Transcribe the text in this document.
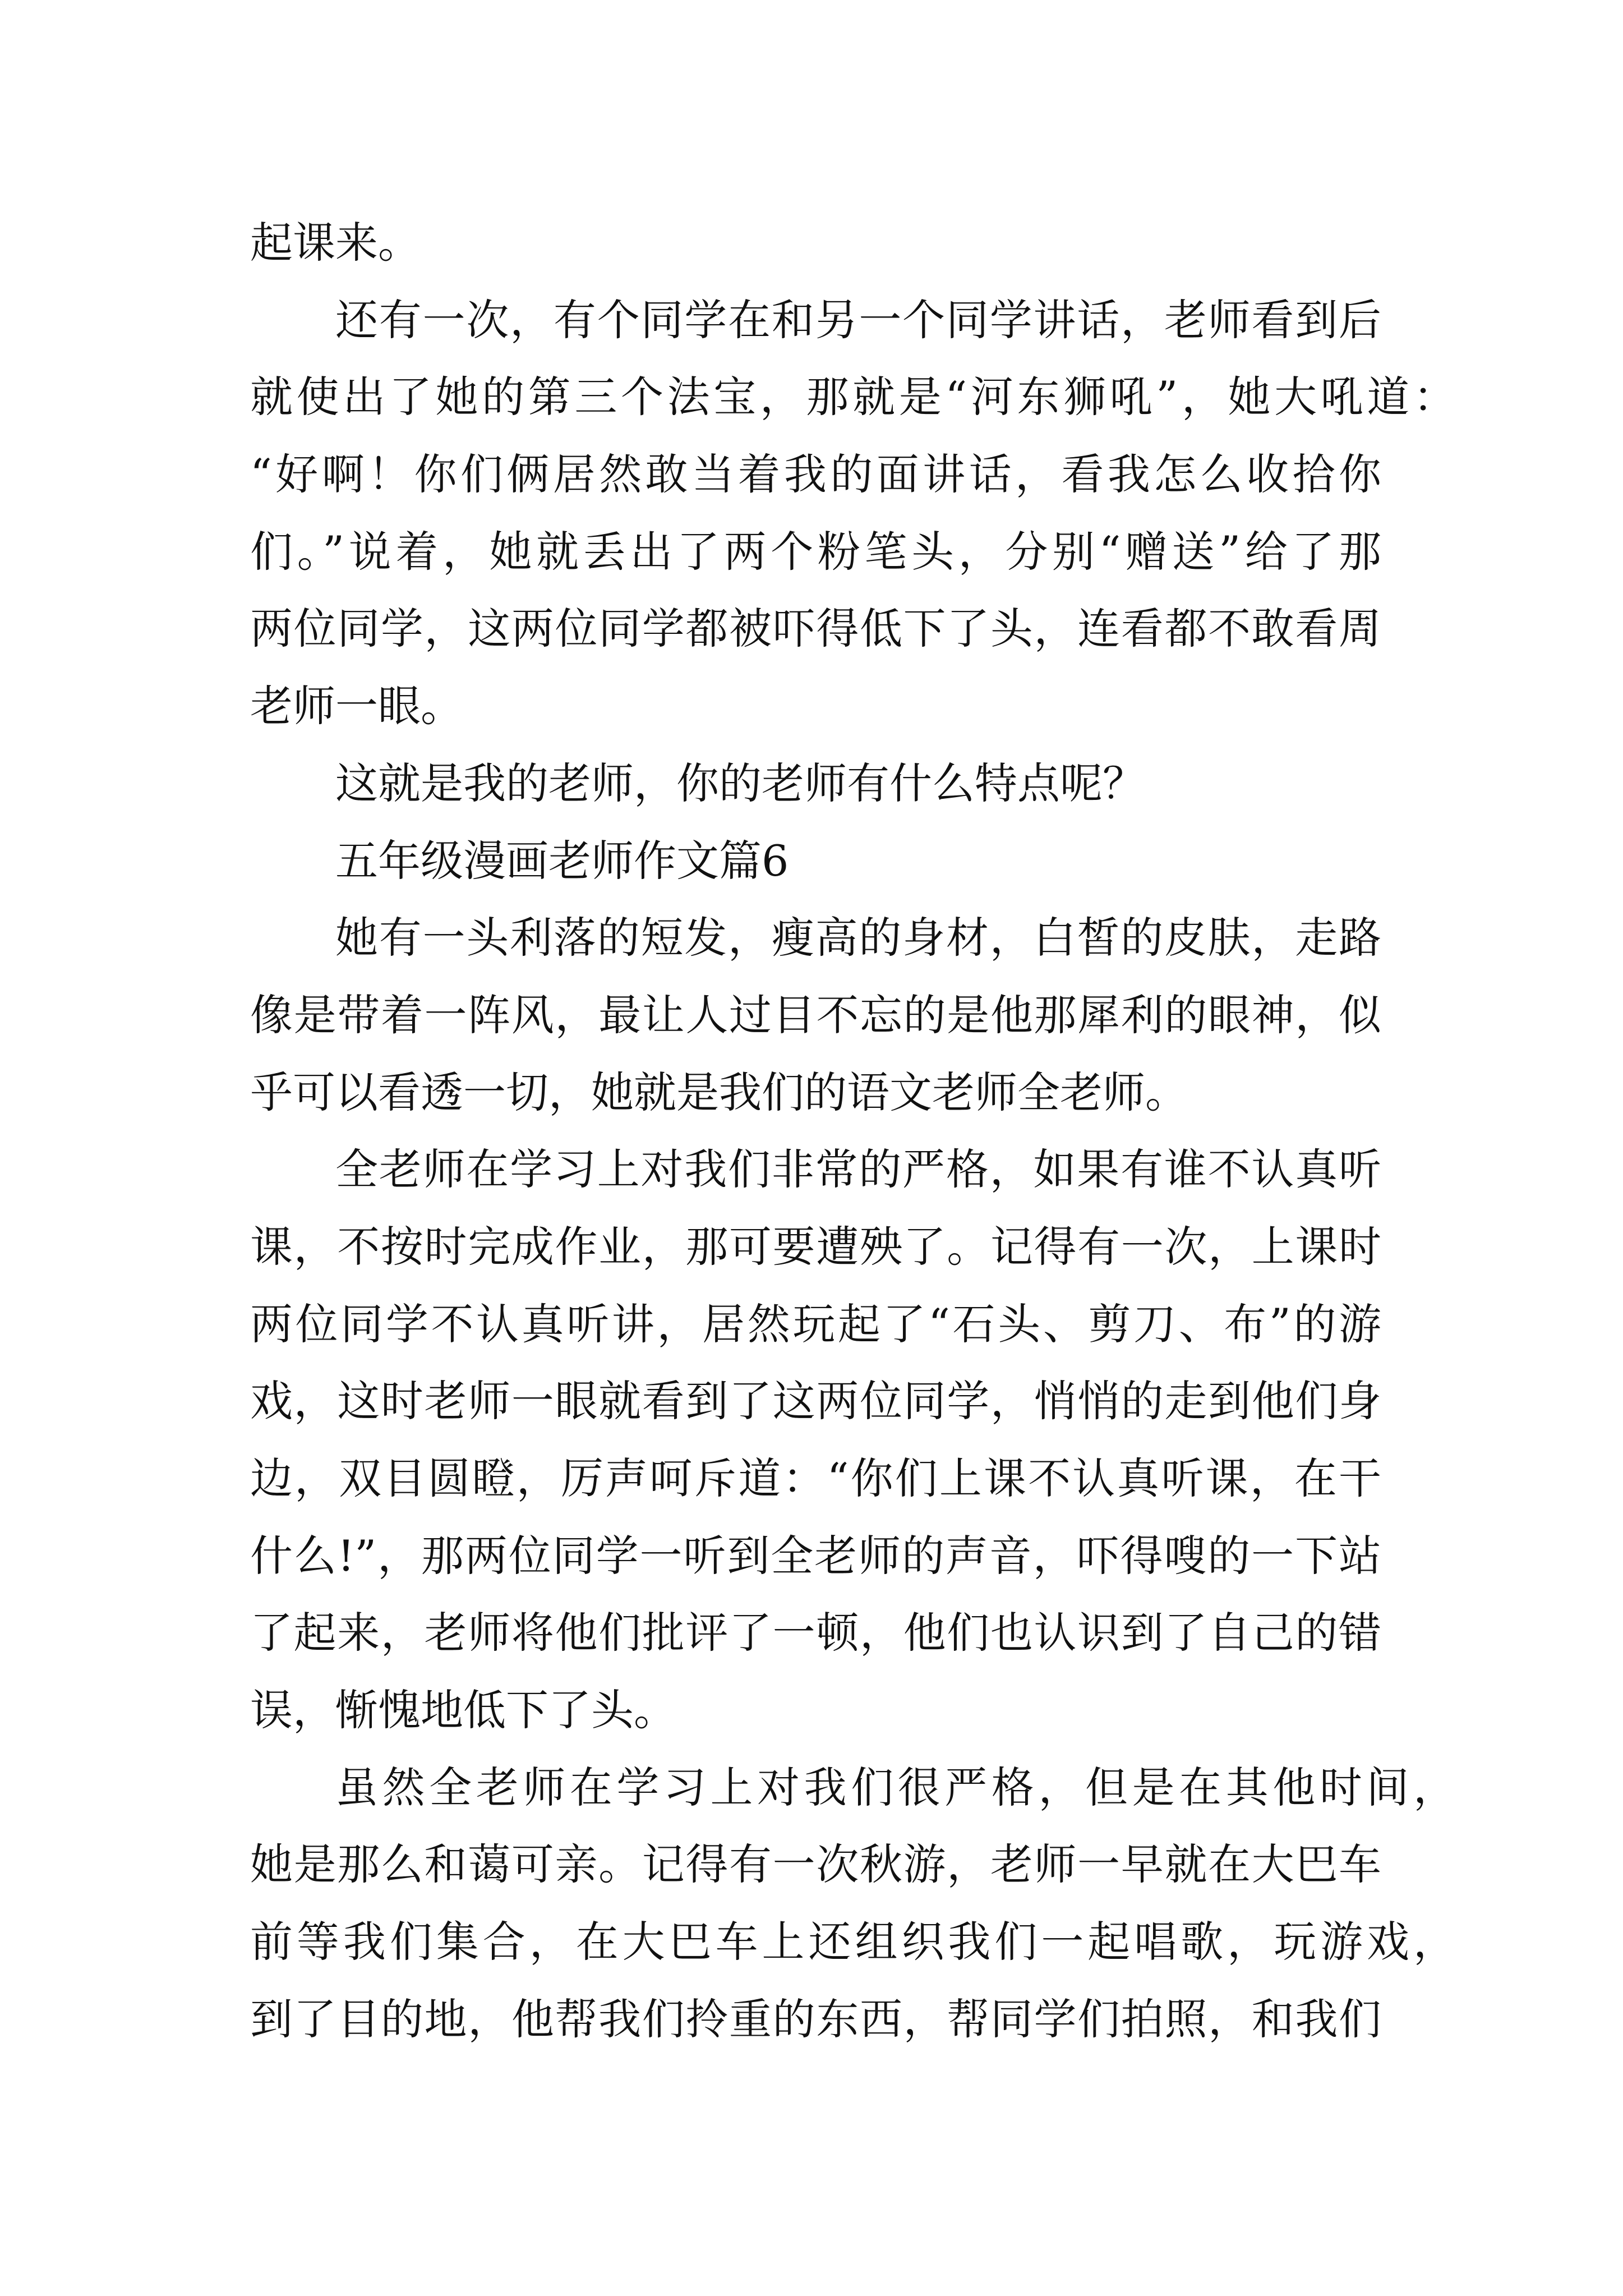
起课来。
还有一次，有个同学在和另一个同学讲话，老师看到后
就使出了她的第三个法宝，那就是“河东狮吼”，她大吼道：
“好啊！你们俩居然敢当着我的面讲话，看我怎么收拾你
们。”说着，她就丢出了两个粉笔头，分别“赠送”给了那
两位同学，这两位同学都被吓得低下了头，连看都不敢看周
老师一眼。
这就是我的老师，你的老师有什么特点呢？
五年级漫画老师作文篇6
她有一头利落的短发，瘦高的身材，白皙的皮肤，走路
像是带着一阵风，最让人过目不忘的是他那犀利的眼神，似
乎可以看透一切，她就是我们的语文老师全老师。
全老师在学习上对我们非常的严格，如果有谁不认真听
课，不按时完成作业，那可要遭殃了。记得有一次，上课时
两位同学不认真听讲，居然玩起了“石头、剪刀、布”的游
戏，这时老师一眼就看到了这两位同学，悄悄的走到他们身
边，双目圆瞪，厉声呵斥道：“你们上课不认真听课，在干
什么!”，那两位同学一听到全老师的声音，吓得嗖的一下站
了起来，老师将他们批评了一顿，他们也认识到了自己的错
误，惭愧地低下了头。
虽然全老师在学习上对我们很严格，但是在其他时间，
她是那么和蔼可亲。记得有一次秋游，老师一早就在大巴车
前等我们集合，在大巴车上还组织我们一起唱歌，玩游戏，
到了目的地，他帮我们拎重的东西，帮同学们拍照，和我们
